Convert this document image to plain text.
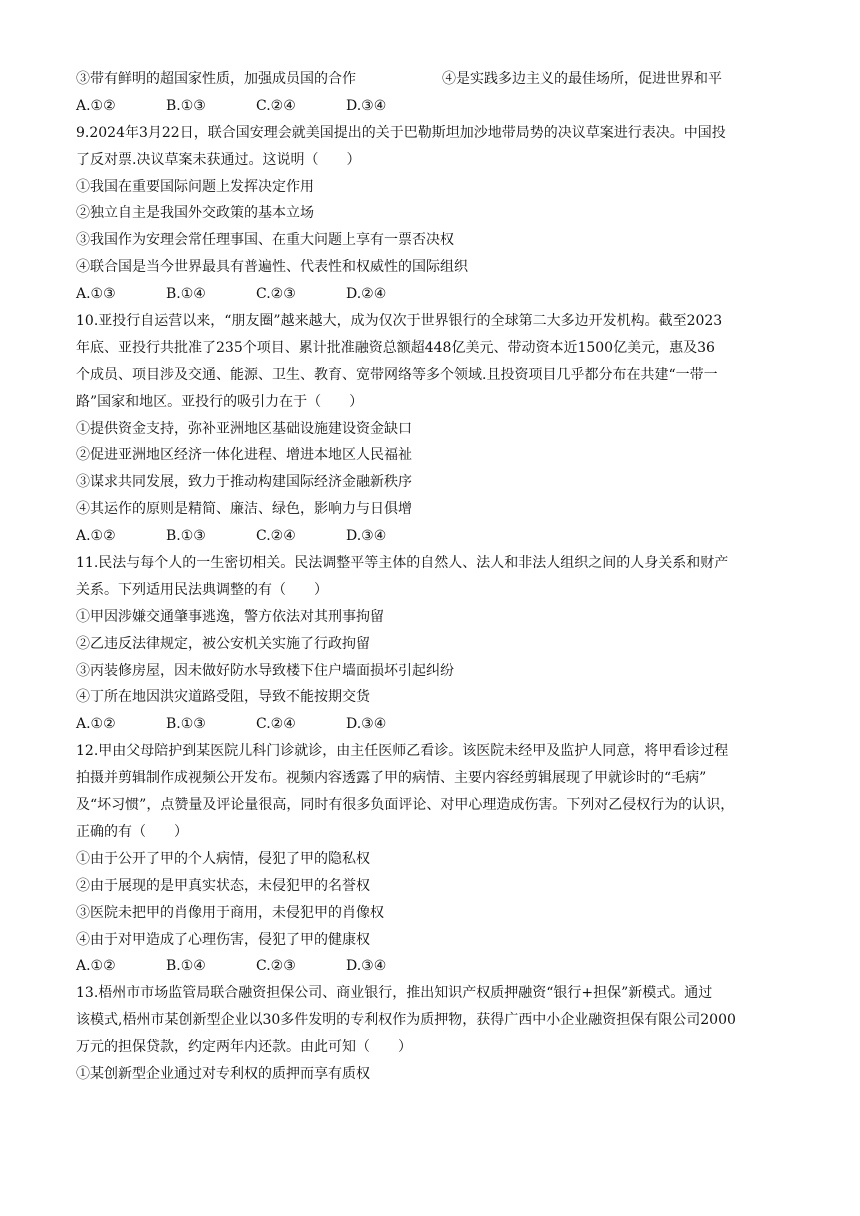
③带有鲜明的超国家性质，加强成员国的合作	④是实践多边主义的最佳场所，促进世界和平
A.①②	B.①③	C.②④	D.③④
9.2024年3月22日，联合国安理会就美国提出的关于巴勒斯坦加沙地带局势的决议草案进行表决。中国投
了反对票.决议草案未获通过。这说明（　　）
①我国在重要国际问题上发挥决定作用
②独立自主是我国外交政策的基本立场
③我国作为安理会常任理事国、在重大问题上享有一票否决权
④联合国是当今世界最具有普遍性、代表性和权威性的国际组织
A.①③	B.①④	C.②③	D.②④
10.亚投行自运营以来，“朋友圈”越来越大，成为仅次于世界银行的全球第二大多边开发机构。截至2023
年底、亚投行共批准了235个项目、累计批准融资总额超448亿美元、带动资本近1500亿美元，惠及36
个成员、项目涉及交通、能源、卫生、教育、宽带网络等多个领域.且投资项目几乎都分布在共建“一带一
路”国家和地区。亚投行的吸引力在于（　　）
①提供资金支持，弥补亚洲地区基础设施建设资金缺口
②促进亚洲地区经济一体化进程、增进本地区人民福祉
③谋求共同发展，致力于推动构建国际经济金融新秩序
④其运作的原则是精简、廉洁、绿色，影响力与日俱增
A.①②	B.①③	C.②④	D.③④
11.民法与每个人的一生密切相关。民法调整平等主体的自然人、法人和非法人组织之间的人身关系和财产
关系。下列适用民法典调整的有（　　）
①甲因涉嫌交通肇事逃逸，警方依法对其刑事拘留
②乙违反法律规定，被公安机关实施了行政拘留
③丙装修房屋，因未做好防水导致楼下住户墙面损坏引起纠纷
④丁所在地因洪灾道路受阻，导致不能按期交货
A.①②	B.①③	C.②④	D.③④
12.甲由父母陪护到某医院儿科门诊就诊，由主任医师乙看诊。该医院未经甲及监护人同意，将甲看诊过程
拍摄并剪辑制作成视频公开发布。视频内容透露了甲的病情、主要内容经剪辑展现了甲就诊时的“毛病”
及“坏习惯”，点赞量及评论量很高，同时有很多负面评论、对甲心理造成伤害。下列对乙侵权行为的认识，
正确的有（　　）
①由于公开了甲的个人病情，侵犯了甲的隐私权
②由于展现的是甲真实状态，未侵犯甲的名誉权
③医院未把甲的肖像用于商用，未侵犯甲的肖像权
④由于对甲造成了心理伤害，侵犯了甲的健康权
A.①②	B.①④	C.②③	D.③④
13.梧州市市场监管局联合融资担保公司、商业银行，推出知识产权质押融资“银行+担保”新模式。通过
该模式,梧州市某创新型企业以30多件发明的专利权作为质押物，获得广西中小企业融资担保有限公司2000
万元的担保贷款，约定两年内还款。由此可知（　　）
①某创新型企业通过对专利权的质押而享有质权
